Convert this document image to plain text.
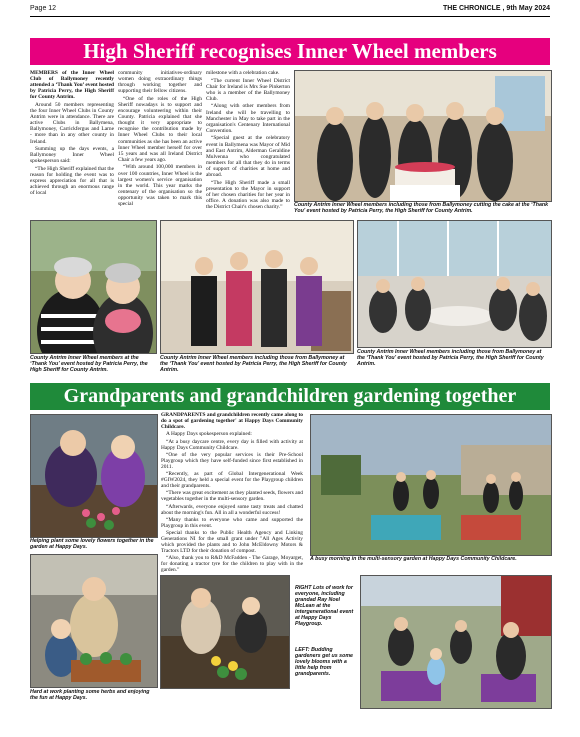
Page 12	THE CHRONICLE , 9th May 2024
High Sheriff recognises Inner Wheel members

MEMBERS of the Inner Wheel Club of Ballymoney recently attended a ‘Thank You’ event hosted by Patricia Perry, the High Sheriff for County Antrim.

Around 50 members representing the four Inner Wheel Clubs in County Antrim were in attendance. There are active Clubs in Ballymena, Ballymoney, Carrickfergus and Larne - more than in any other county in Ireland.

Summing up the days events, a Ballymoney Inner Wheel spokesperson said:

“The High Sheriff explained that the reason for holding the event was to express appreciation for all that is achieved through an enormous range of local

community initiatives-ordinary women doing extraordinary things through working together and supporting their fellow citizens.

“One of the roles of the High Sheriff nowadays is to support and encourage volunteering within their County. Patricia explained that she thought it very appropriate to recognise the contribution made by Inner Wheel Clubs to their local communities as she has been an active Inner Wheel member herself for over 15 years and was all Ireland District Chair a few years ago.

“With around 100,000 members in over 100 countries, Inner Wheel is the largest women's service organisation in the world. This year marks the centenary of the organisation so the opportunity was taken to mark this special

milestone with a celebration cake.

“The current Inner Wheel District Chair for Ireland is Mrs Sue Pinkerton who is a member of the Ballymoney Club.

“Along with other members from Ireland she will be travelling to Manchester in May to take part in the organisation's Centenary International Convention.

“Special guest at the celebratory event in Ballymena was Mayor of Mid and East Antrim, Alderman Geraldine Mulvenna who congratulated members for all that they do in terms of support of charities at home and abroad.

“The High Sheriff made a small presentation to the Mayor in support of her chosen charities for her year in office. A donation was also made to the District Chair's chosen charity.”	County Antrim Inner Wheel members including those from Ballymoney cutting the cake at the ‘Thank You’ event hosted by Patricia Perry, the High Sheriff for County Antrim.

County Antrim Inner Wheel members at the ‘Thank You’ event hosted by Patricia Perry, the High Sheriff for County Antrim.

County Antrim Inner Wheel members including those from Ballymoney at the ‘Thank You’ event hosted by Patricia Perry, the High Sheriff for County Antrim.

County Antrim Inner Wheel members including those from Ballymoney at the ‘Thank You’ event hosted by Patricia Perry, the High Sheriff for County Antrim.

Grandparents and grandchildren gardening together

Helping plant some lovely flowers together in the garden at Happy Days.

Hard at work planting some herbs and enjoying the fun at Happy Days.

GRANDPARENTS and grandchildren recently came along to do a spot of gardening together' at Happy Days Community Childcare.

A Happy Days spokesperson explained:

“At a busy daycare centre, every day is filled with activity at Happy Days Community Childcare.

“One of the very popular services is their Pre-School Playgroup which they have self-funded since first established in 2011.

“Recently, as part of Global Intergenerational Week #GIW2024, they held a special event for the Playgroup children and their grandparents.

“There was great excitement as they planted seeds, flowers and vegetables together in the multi-sensory garden.

“Afterwards, everyone enjoyed some tasty treats and chatted about the morning's fun. All in all a wonderful success!

“Many thanks to everyone who came and supported the Playgroup in this event.

Special thanks to the Public Health Agency and Linking Generations NI for the small grant under "All Ages Activity which provided the plants and to John McEldowny Motors & Tractors LTD for their donation of compost.

“Also, thank you to R&D McFadden - The Garage, Moyarget, for donating a tractor tyre for the children to play with in the garden.”

A busy morning in the multi-sensory garden at Happy Days Community Childcare.

RIGHT Lots of work for everyone, including grandad Ray Noel McLean at the intergenerational event at Happy Days Playgroup.

LEFT: Budding gardeners get us some lovely blooms with a little help from grandparents.
